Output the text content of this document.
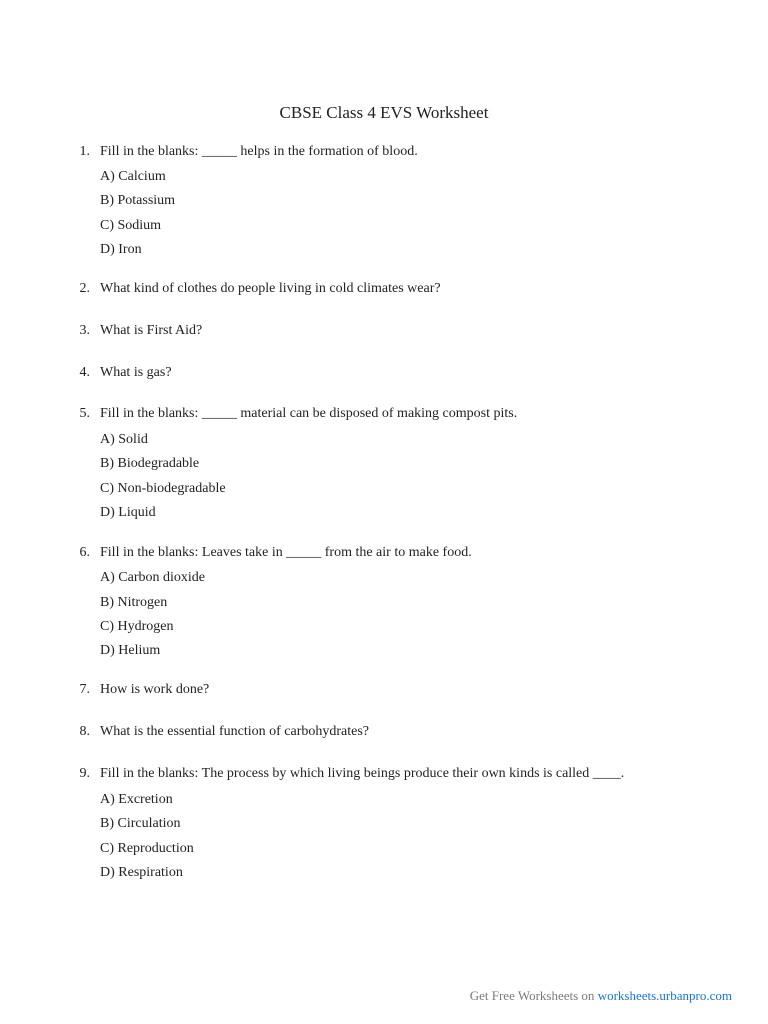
CBSE Class 4 EVS Worksheet
1. Fill in the blanks: _____ helps in the formation of blood.
A) Calcium
B) Potassium
C) Sodium
D) Iron
2. What kind of clothes do people living in cold climates wear?
3. What is First Aid?
4. What is gas?
5. Fill in the blanks: _____ material can be disposed of making compost pits.
A) Solid
B) Biodegradable
C) Non-biodegradable
D) Liquid
6. Fill in the blanks: Leaves take in _____ from the air to make food.
A) Carbon dioxide
B) Nitrogen
C) Hydrogen
D) Helium
7. How is work done?
8. What is the essential function of carbohydrates?
9. Fill in the blanks: The process by which living beings produce their own kinds is called ____.
A) Excretion
B) Circulation
C) Reproduction
D) Respiration
Get Free Worksheets on worksheets.urbanpro.com
